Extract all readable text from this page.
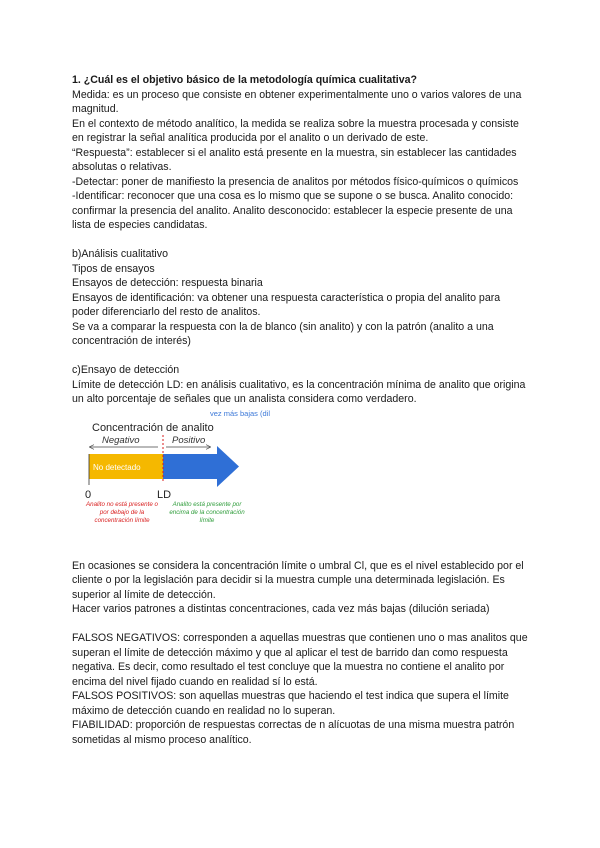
1. ¿Cuál es el objetivo básico de la metodología química cualitativa?

Medida: es un proceso que consiste en obtener experimentalmente uno o varios valores de una magnitud.

En el contexto de método analítico, la medida se realiza sobre la muestra procesada y consiste en registrar la señal analítica producida por el analito o un derivado de este.

“Respuesta”: establecer si el analito está presente en la muestra, sin establecer las cantidades absolutas o relativas.

-Detectar: poner de manifiesto la presencia de analitos por métodos físico-químicos o químicos

-Identificar: reconocer que una cosa es lo mismo que se supone o se busca. Analito conocido: confirmar la presencia del analito. Analito desconocido: establecer la especie presente de una lista de especies candidatas.

b)Análisis cualitativo

Tipos de ensayos

Ensayos de detección: respuesta binaria

Ensayos de identificación: va obtener una respuesta característica o propia del analito para poder diferenciarlo del resto de analitos.

Se va a comparar la respuesta con la de blanco (sin analito) y con la patrón (analito a una concentración de interés)

c)Ensayo de detección

Límite de detección LD: en análisis cualitativo, es la concentración mínima de analito que origina un alto porcentaje de señales que un analista considera como verdadero.

vez más bajas (dil
Concentración de analito
Negativo	Positivo
No detectado
0	LD
Analito no está presente o por debajo de la concentración límite
Analito está presente por encima de la concentración límite

En ocasiones se considera la concentración límite o umbral Cl, que es el nivel establecido por el cliente o por la legislación para decidir si la muestra cumple una determinada legislación. Es superior al límite de detección.

Hacer varios patrones a distintas concentraciones, cada vez más bajas (dilución seriada)

FALSOS NEGATIVOS: corresponden a aquellas muestras que contienen uno o mas analitos que superan el límite de detección máximo y que al aplicar el test de barrido dan como respuesta negativa. Es decir, como resultado el test concluye que la muestra no contiene el analito por encima del nivel fijado cuando en realidad sí lo está.

FALSOS POSITIVOS: son aquellas muestras que haciendo el test indica que supera el límite máximo de detección cuando en realidad no lo superan.

FIABILIDAD: proporción de respuestas correctas de n alícuotas de una misma muestra patrón sometidas al mismo proceso analítico.
